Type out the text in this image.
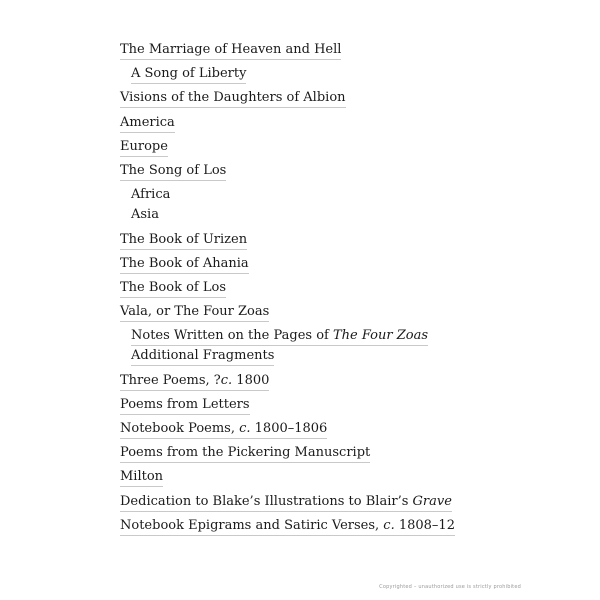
The Marriage of Heaven and Hell
A Song of Liberty
Visions of the Daughters of Albion
America
Europe
The Song of Los
Africa
Asia
The Book of Urizen
The Book of Ahania
The Book of Los
Vala, or The Four Zoas
Notes Written on the Pages of The Four Zoas
Additional Fragments
Three Poems, ?c. 1800
Poems from Letters
Notebook Poems, c. 1800–1806
Poems from the Pickering Manuscript
Milton
Dedication to Blake’s Illustrations to Blair’s Grave
Notebook Epigrams and Satiric Verses, c. 1808–12
Copyrighted – unauthorized use is strictly prohibited
